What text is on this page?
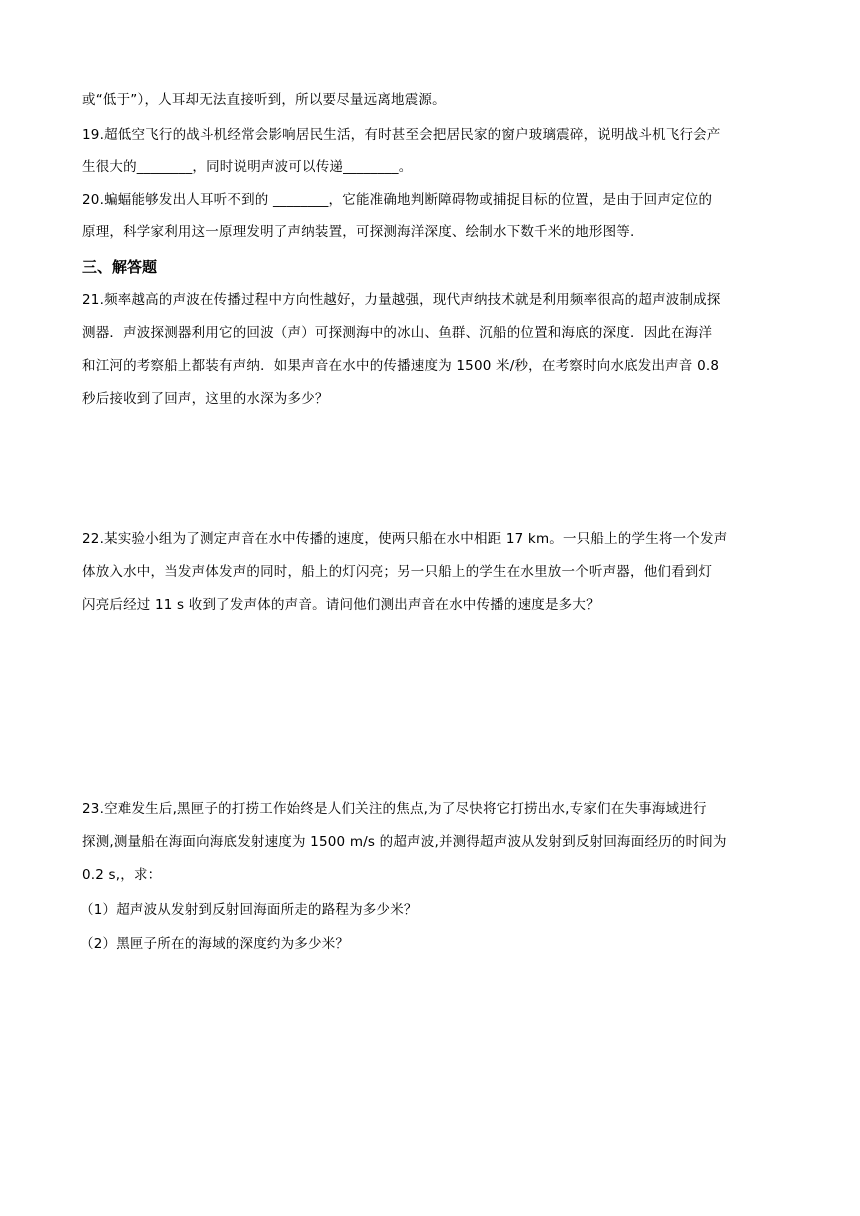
或“低于”），人耳却无法直接听到，所以要尽量远离地震源。
19.超低空飞行的战斗机经常会影响居民生活，有时甚至会把居民家的窗户玻璃震碎，说明战斗机飞行会产
生很大的________，同时说明声波可以传递________。
20.蝙蝠能够发出人耳听不到的 ________，它能准确地判断障碍物或捕捉目标的位置，是由于回声定位的
原理，科学家利用这一原理发明了声纳装置，可探测海洋深度、绘制水下数千米的地形图等.
三、解答题
21.频率越高的声波在传播过程中方向性越好，力量越强，现代声纳技术就是利用频率很高的超声波制成探
测器．声波探测器利用它的回波（声）可探测海中的冰山、鱼群、沉船的位置和海底的深度．因此在海洋
和江河的考察船上都装有声纳．如果声音在水中的传播速度为 1500 米/秒，在考察时向水底发出声音 0.8
秒后接收到了回声，这里的水深为多少？
22.某实验小组为了测定声音在水中传播的速度，使两只船在水中相距 17 km。一只船上的学生将一个发声
体放入水中，当发声体发声的同时，船上的灯闪亮；另一只船上的学生在水里放一个听声器，他们看到灯
闪亮后经过 11 s 收到了发声体的声音。请问他们测出声音在水中传播的速度是多大？
23.空难发生后,黑匣子的打捞工作始终是人们关注的焦点,为了尽快将它打捞出水,专家们在失事海域进行
探测,测量船在海面向海底发射速度为 1500 m/s 的超声波,并测得超声波从发射到反射回海面经历的时间为
0.2 s,，求：
（1）超声波从发射到反射回海面所走的路程为多少米？
（2）黑匣子所在的海域的深度约为多少米？
